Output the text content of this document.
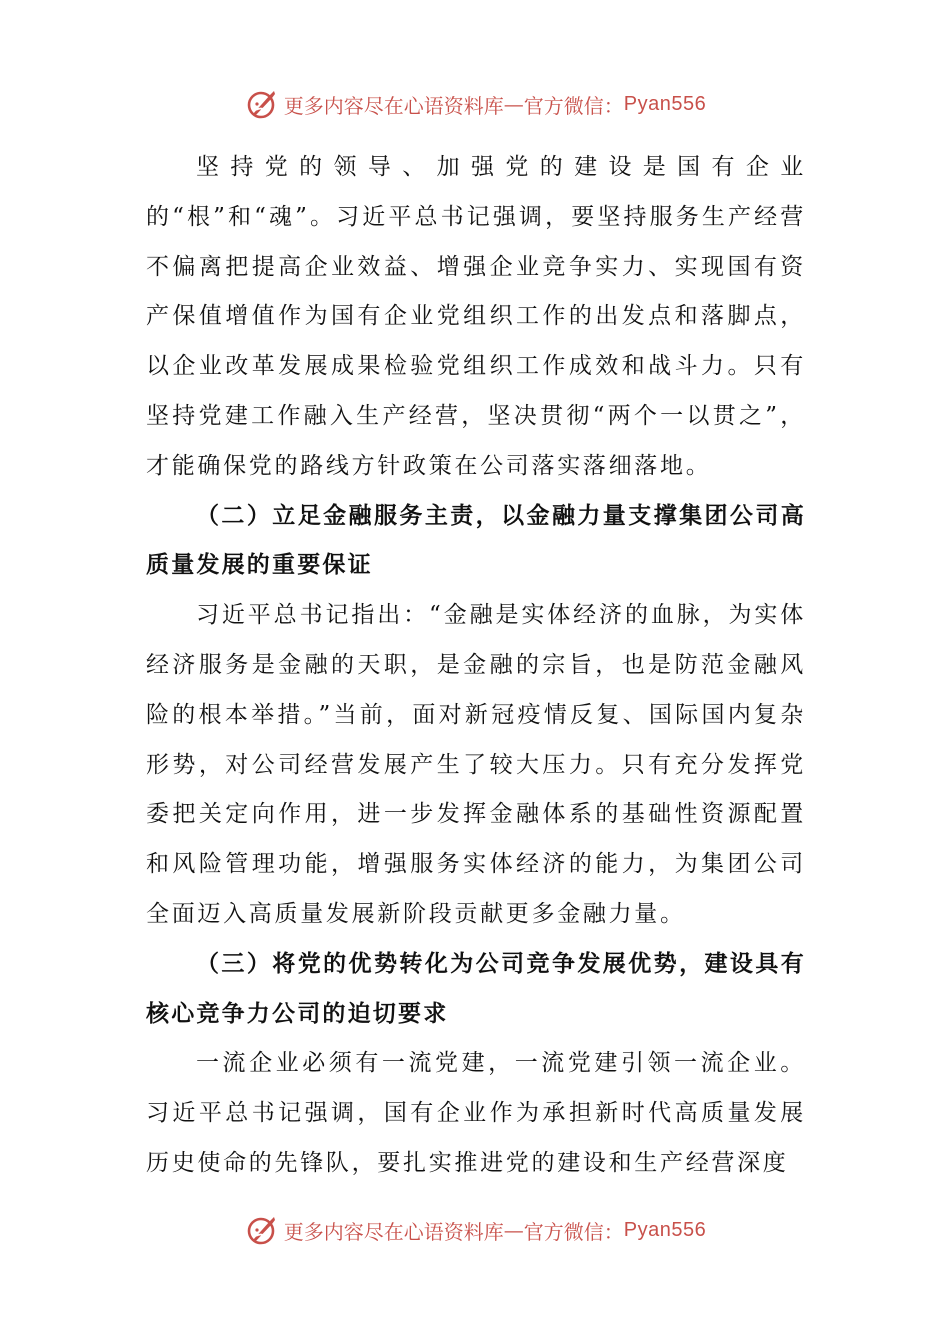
更多内容尽在心语资料库 — 官方微信： Pyan556

坚持党的领导、加强党的建设是国有企业的“根”和“魂”。习近平总书记强调，要坚持服务生产经营不偏离把提高企业效益、增强企业竞争实力、实现国有资产保值增值作为国有企业党组织工作的出发点和落脚点，以企业改革发展成果检验党组织工作成效和战斗力。只有坚持党建工作融入生产经营，坚决贯彻“两个一以贯之”，才能确保党的路线方针政策在公司落实落细落地。

（二）立足金融服务主责，以金融力量支撑集团公司高质量发展的重要保证

习近平总书记指出：“金融是实体经济的血脉，为实体经济服务是金融的天职，是金融的宗旨，也是防范金融风险的根本举措。”当前，面对新冠疫情反复、国际国内复杂形势，对公司经营发展产生了较大压力。只有充分发挥党委把关定向作用，进一步发挥金融体系的基础性资源配置和风险管理功能，增强服务实体经济的能力，为集团公司全面迈入高质量发展新阶段贡献更多金融力量。

（三）将党的优势转化为公司竞争发展优势，建设具有核心竞争力公司的迫切要求

一流企业必须有一流党建，一流党建引领一流企业。习近平总书记强调，国有企业作为承担新时代高质量发展历史使命的先锋队，要扎实推进党的建设和生产经营深度

更多内容尽在心语资料库 — 官方微信： Pyan556
